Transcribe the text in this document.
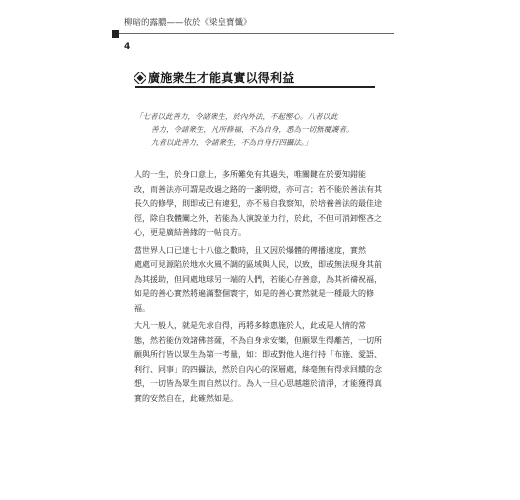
柳暗的露膿——依於《梁皇寶懺》
4
廣施衆生才能真實以得利益
「七者以此善力，令諸衆生，於內外法，不起慳心。八者以此
善力，令諸衆生，凡所修福，不為自身，悉為一切無覆護者。
九者以此善力，令諸衆生，不為自身行四攝法。」
人的一生，於身口意上，多所難免有其過失，唯關鍵在於要知錯能
改，而善法亦可謂是改過之路的一盞明燈，亦可言；若不能於善法有其
長久的修學，則即或已有違犯，亦不易自我察知，於培養善法的最佳途
徑，除自我體闡之外，若能為人演說並力行，於此，不但可消卸慳吝之
心，更是廣結善緣的一帖良方。
當世界人口已達七十八億之數時，且又因於爆體的傳播速度，實然
處處可見源陷於地水火風不調的區域與人民，以致，即或無法現身其前
為其援助，但同處地球另一端的人們，若能心存善意，為其祈禱祝福，
如是的善心實然將遍滿整個寰宇，如是的善心實然就是一種最大的修
福。
大凡一般人，就是先求自得，再將多餘惠施於人，此或是人情的常
態，然若能仿效諸佛菩薩，不為自身求安樂，但願眾生得離苦，一切所
願與所行皆以眾生為第一考量，如：即或對他人進行持「布施、愛語、
利行、同事」的四攝法，然於自內心的深層處，絲毫無有得求回饋的念
想，一切皆為眾生而自然以行。為人一旦心思越趨於清淨，才能獲得真
實的安然自在，此確然如是。
